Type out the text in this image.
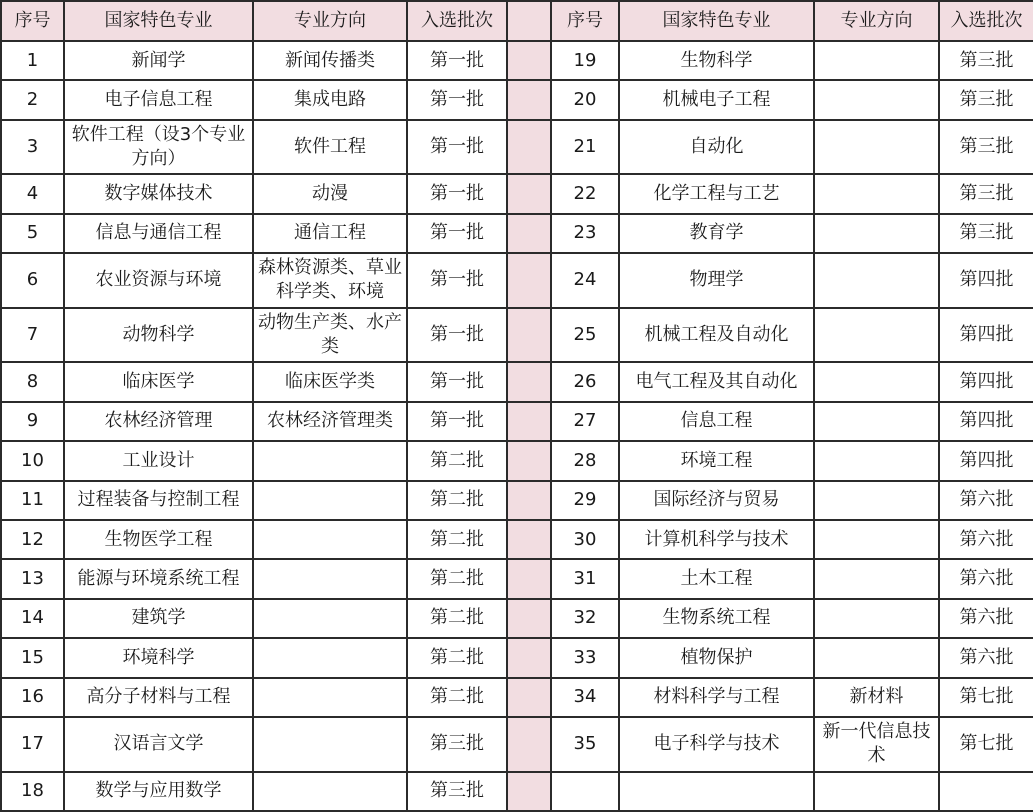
序号	国家特色专业	专业方向	入选批次		序号	国家特色专业	专业方向	入选批次
1	新闻学	新闻传播类	第一批		19	生物科学		第三批
2	电子信息工程	集成电路	第一批		20	机械电子工程		第三批
3	软件工程（设3个专业方向）	软件工程	第一批		21	自动化		第三批
4	数字媒体技术	动漫	第一批		22	化学工程与工艺		第三批
5	信息与通信工程	通信工程	第一批		23	教育学		第三批
6	农业资源与环境	森林资源类、草业科学类、环境	第一批		24	物理学		第四批
7	动物科学	动物生产类、水产类	第一批		25	机械工程及自动化		第四批
8	临床医学	临床医学类	第一批		26	电气工程及其自动化		第四批
9	农林经济管理	农林经济管理类	第一批		27	信息工程		第四批
10	工业设计		第二批		28	环境工程		第四批
11	过程装备与控制工程		第二批		29	国际经济与贸易		第六批
12	生物医学工程		第二批		30	计算机科学与技术		第六批
13	能源与环境系统工程		第二批		31	土木工程		第六批
14	建筑学		第二批		32	生物系统工程		第六批
15	环境科学		第二批		33	植物保护		第六批
16	高分子材料与工程		第二批		34	材料科学与工程	新材料	第七批
17	汉语言文学		第三批		35	电子科学与技术	新一代信息技术	第七批
18	数学与应用数学		第三批					
